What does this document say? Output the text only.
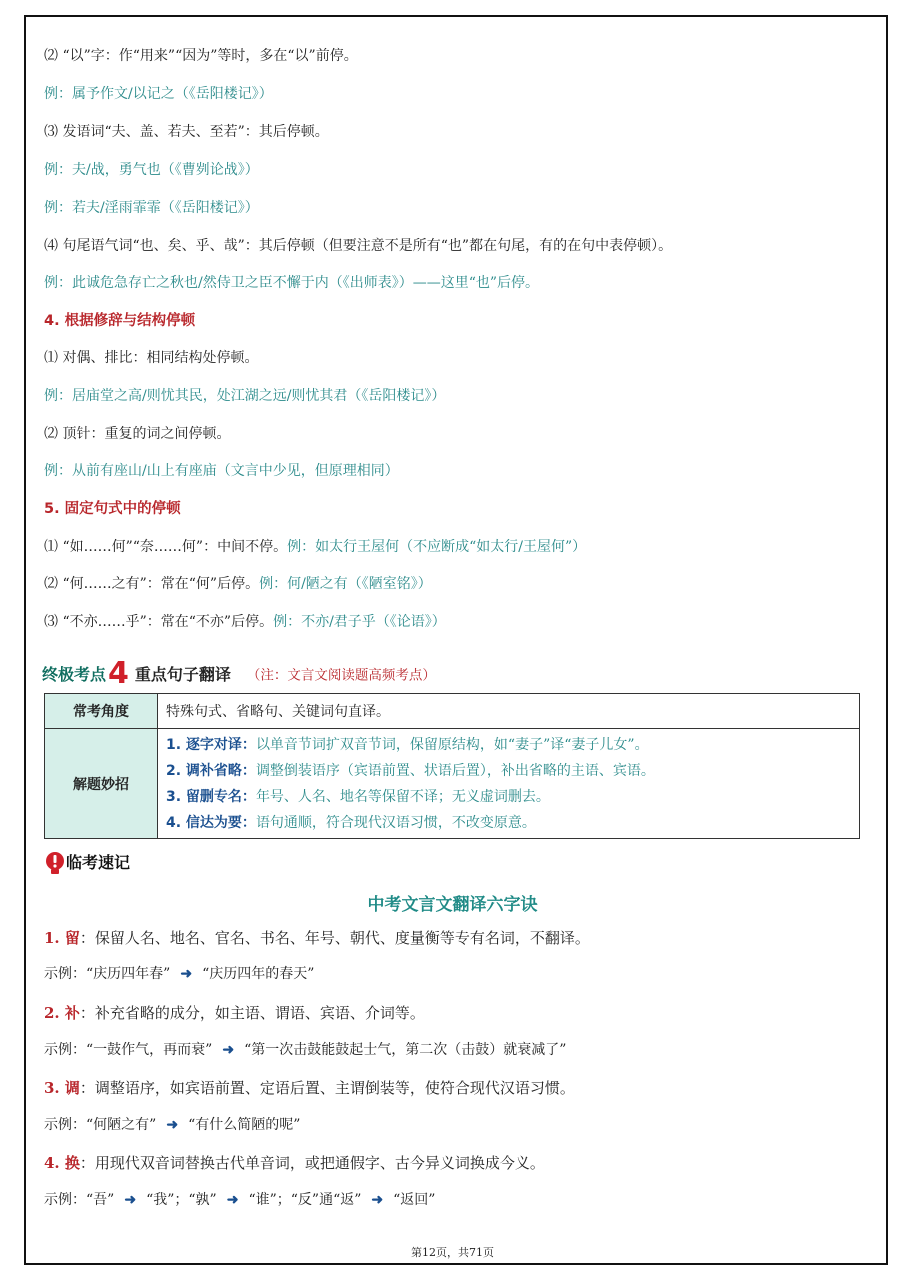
⑵ “以”字：作“用来”“因为”等时，多在“以”前停。
例：属予作文/以记之（《岳阳楼记》）
⑶ 发语词“夫、盖、若夫、至若”：其后停顿。
例：夫/战，勇气也（《曹刿论战》）
例：若夫/淫雨霏霏（《岳阳楼记》）
⑷ 句尾语气词“也、矣、乎、哉”：其后停顿（但要注意不是所有“也”都在句尾，有的在句中表停顿）。
例：此诚危急存亡之秋也/然侍卫之臣不懈于内（《出师表》）——这里“也”后停。
4. 根据修辞与结构停顿
⑴ 对偶、排比：相同结构处停顿。
例：居庙堂之高/则忧其民，处江湖之远/则忧其君（《岳阳楼记》）
⑵ 顶针：重复的词之间停顿。
例：从前有座山/山上有座庙（文言中少见，但原理相同）
5. 固定句式中的停顿
⑴ “如……何”“奈……何”：中间不停。例：如太行王屋何（不应断成“如太行/王屋何”）
⑵ “何……之有”：常在“何”后停。例：何/陋之有（《陋室铭》）
⑶ “不亦……乎”：常在“不亦”后停。例：不亦/君子乎（《论语》）
终极考点4 重点句子翻译 （注：文言文阅读题高频考点）
常考角度	特殊句式、省略句、关键词句直译。
解题妙招	1. 逐字对译：以单音节词扩双音节词，保留原结构，如“妻子”译“妻子儿女”。
2. 调补省略：调整倒装语序（宾语前置、状语后置），补出省略的主语、宾语。
3. 留删专名：年号、人名、地名等保留不译；无义虚词删去。
4. 信达为要：语句通顺，符合现代汉语习惯，不改变原意。
临考速记
中考文言文翻译六字诀
1. 留：保留人名、地名、官名、书名、年号、朝代、度量衡等专有名词，不翻译。
示例：“庆历四年春” ➜ “庆历四年的春天”
2. 补：补充省略的成分，如主语、谓语、宾语、介词等。
示例：“一鼓作气，再而衰” ➜ “第一次击鼓能鼓起士气，第二次（击鼓）就衰减了”
3. 调：调整语序，如宾语前置、定语后置、主谓倒装等，使符合现代汉语习惯。
示例：“何陋之有” ➜ “有什么简陋的呢”
4. 换：用现代双音词替换古代单音词，或把通假字、古今异义词换成今义。
示例：“吾” ➜ “我”；“孰” ➜ “谁”；“反”通“返” ➜ “返回”
第12页，共71页
